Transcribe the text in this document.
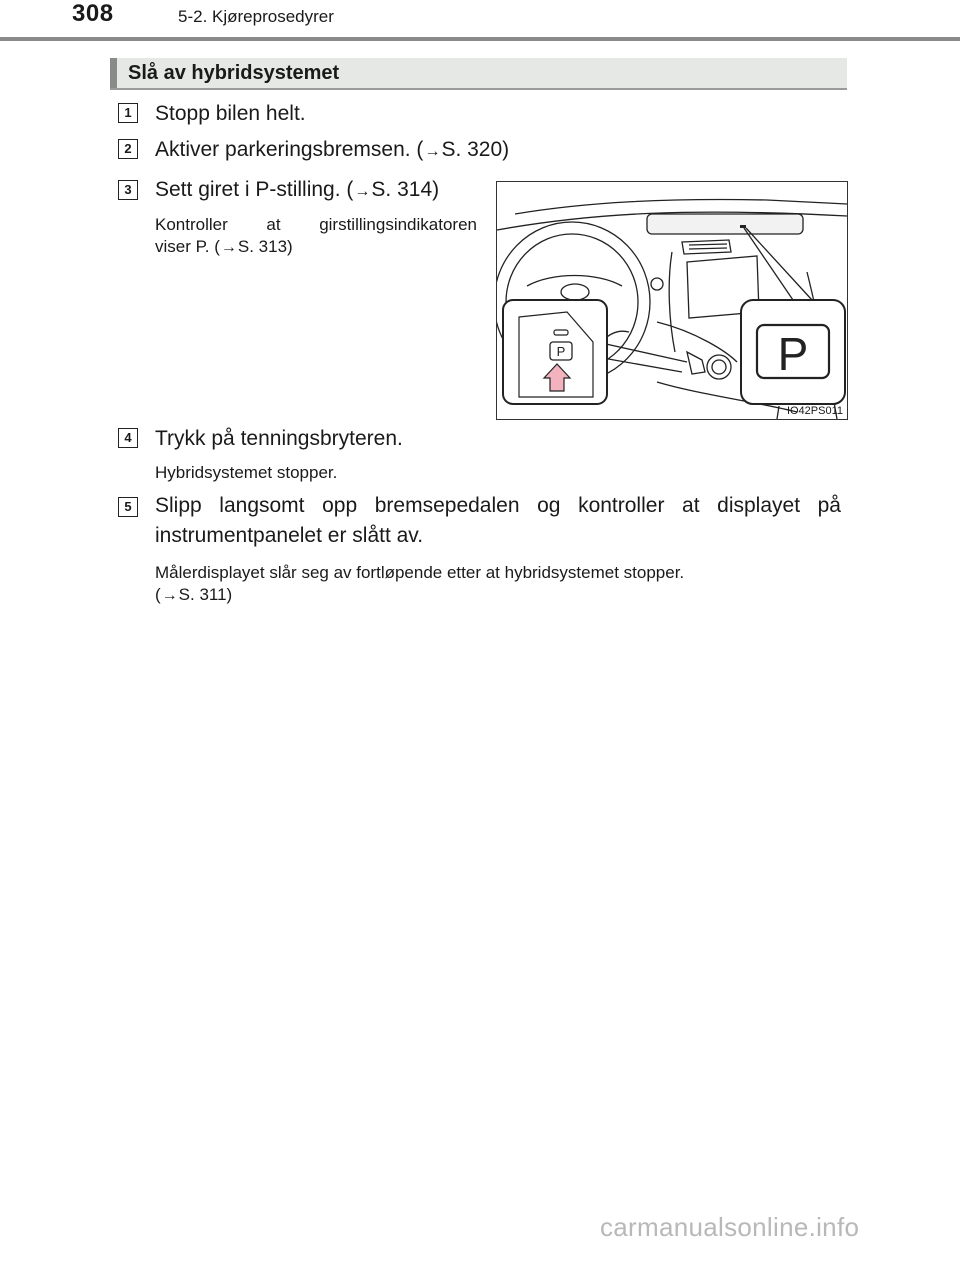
308	5-2. Kjøreprosedyrer
Slå av hybridsystemet
1	Stopp bilen helt.
2	Aktiver parkeringsbremsen. (→S. 320)
3	Sett giret i P-stilling. (→S. 314)
Kontroller at girstillingsindikatoren
viser P. (→S. 313)
P	P
IO42PS011
4	Trykk på tenningsbryteren.
Hybridsystemet stopper.
5	Slipp langsomt opp bremsepedalen og kontroller at displayet på
instrumentpanelet er slått av.
Målerdisplayet slår seg av fortløpende etter at hybridsystemet stopper.
(→S. 311)
carmanualsonline.info
